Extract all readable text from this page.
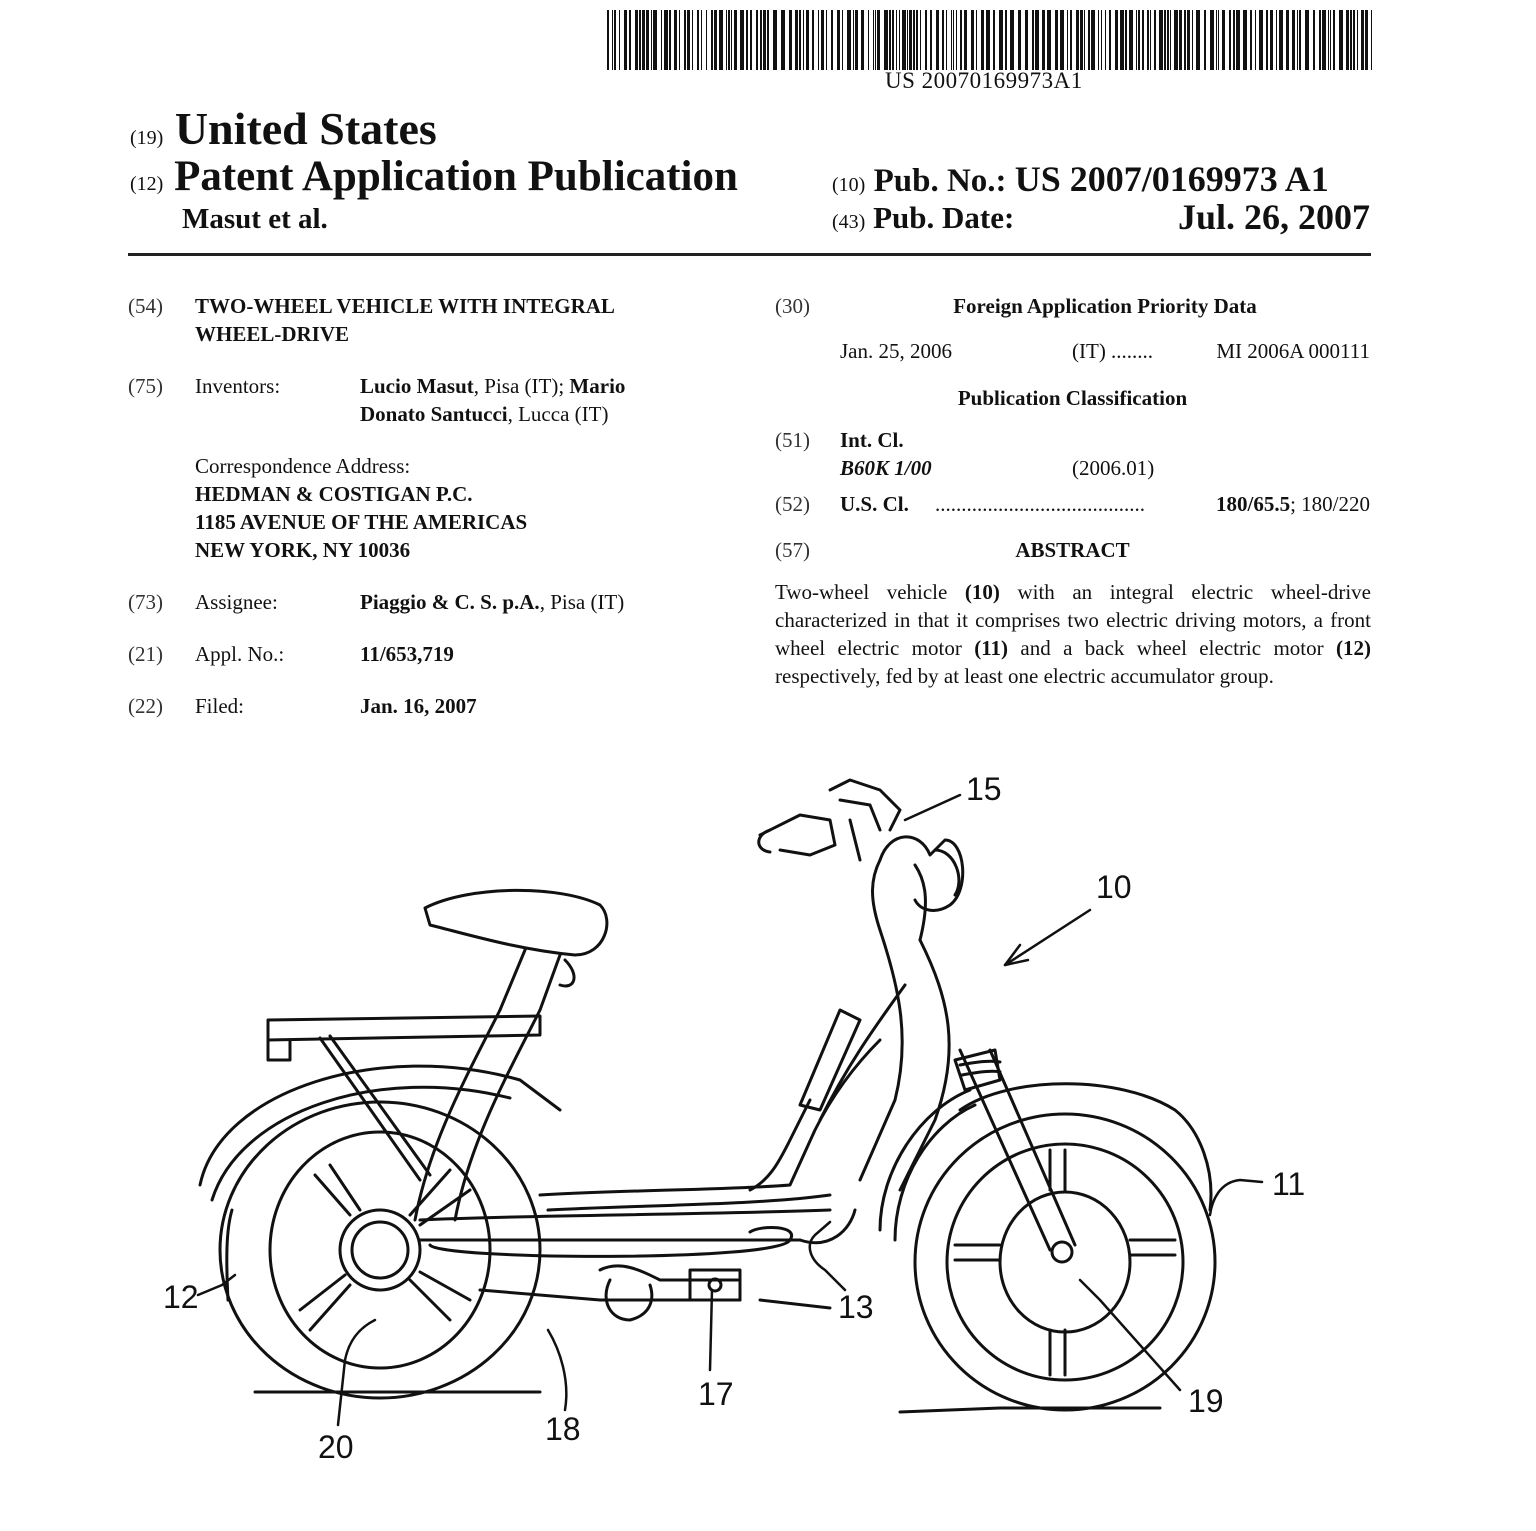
US 20070169973A1
(19) United States
(12) Patent Application Publication
Masut et al.
(10) Pub. No.: US 2007/0169973 A1
(43) Pub. Date:	Jul. 26, 2007
(54) TWO-WHEEL VEHICLE WITH INTEGRAL
WHEEL-DRIVE
(75) Inventors:	Lucio Masut, Pisa (IT); Mario
Donato Santucci, Lucca (IT)
Correspondence Address:
HEDMAN & COSTIGAN P.C.
1185 AVENUE OF THE AMERICAS
NEW YORK, NY 10036
(73) Assignee:	Piaggio & C. S. p.A., Pisa (IT)
(21) Appl. No.:	11/653,719
(22) Filed:	Jan. 16, 2007
(30)	Foreign Application Priority Data
Jan. 25, 2006	(IT) ........	MI 2006A 000111
Publication Classification
(51) Int. Cl.
B60K 1/00	(2006.01)
(52) U.S. Cl. ........................................	180/65.5; 180/220
(57)	ABSTRACT
Two-wheel vehicle (10) with an integral electric wheel-drive characterized in that it comprises two electric driving motors, a front wheel electric motor (11) and a back wheel electric motor (12) respectively, fed by at least one electric accumulator group.
15
10
11
12	13
17
18
19
20
